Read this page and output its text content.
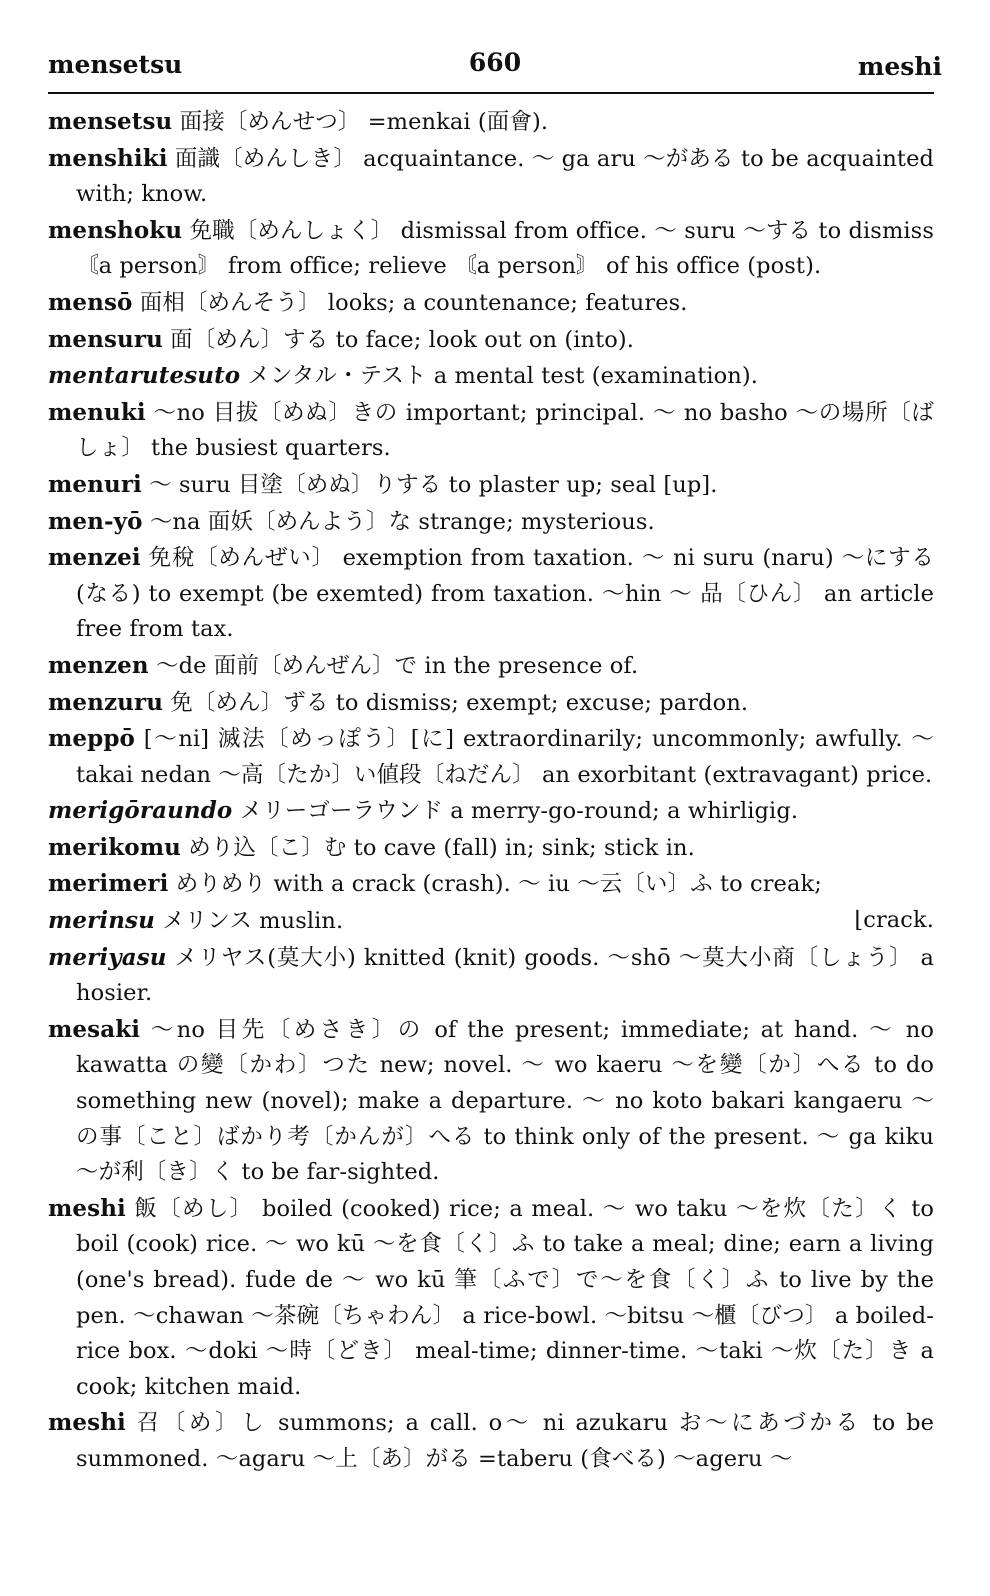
mensetsu	660	meshi
mensetsu 面接〔めんせつ〕 =menkai (面會).
menshiki 面識〔めんしき〕 acquaintance. ～ ga aru ～がある to be acquainted with; know.
menshoku 免職〔めんしょく〕 dismissal from office. ～ suru ～する to dismiss 〘a person〙 from office; relieve 〘a person〙 of his office (post).
mensō 面相〔めんそう〕 looks; a countenance; features.
mensuru 面〔めん〕する to face; look out on (into).
mentarutesuto メンタル・テスト a mental test (examination).
menuki ～no 目拔〔めぬ〕きの important; principal. ～ no basho ～の場所〔ばしょ〕 the busiest quarters.
menuri ～ suru 目塗〔めぬ〕りする to plaster up; seal [up].
men-yō ～na 面妖〔めんよう〕な strange; mysterious.
menzei 免稅〔めんぜい〕 exemption from taxation. ～ ni suru (naru) ～にする(なる) to exempt (be exemted) from taxation. ～hin ～ 品〔ひん〕 an article free from tax.
menzen ～de 面前〔めんぜん〕で in the presence of.
menzuru 免〔めん〕ずる to dismiss; exempt; excuse; pardon.
meppō [～ni] 滅法〔めっぽう〕[に] extraordinarily; uncommonly; awfully. ～ takai nedan ～高〔たか〕い値段〔ねだん〕 an exorbitant (extravagant) price.
merigōraundo メリーゴーラウンド a merry-go-round; a whirligig.
merikomu めり込〔こ〕む to cave (fall) in; sink; stick in.
merimeri めりめり with a crack (crash). ～ iu ～云〔い〕ふ to creak;
merinsu メリンス muslin.	⌊crack.
meriyasu メリヤス(莫大小) knitted (knit) goods. ～shō ～莫大小商〔しょう〕 a hosier.
mesaki ～no 目先〔めさき〕の of the present; immediate; at hand. ～ no kawatta の變〔かわ〕つた new; novel. ～ wo kaeru ～を變〔か〕へる to do something new (novel); make a departure. ～ no koto bakari kangaeru ～の事〔こと〕ばかり考〔かんが〕へる to think only of the present. ～ ga kiku ～が利〔き〕く to be far-sighted.
meshi 飯〔めし〕 boiled (cooked) rice; a meal. ～ wo taku ～を炊〔た〕く to boil (cook) rice. ～ wo kū ～を食〔く〕ふ to take a meal; dine; earn a living (one's bread). fude de ～ wo kū 筆〔ふで〕で～を食〔く〕ふ to live by the pen. ～chawan ～茶碗〔ちゃわん〕 a rice-bowl. ～bitsu ～櫃〔びつ〕 a boiled-rice box. ～doki ～時〔どき〕 meal-time; dinner-time. ～taki ～炊〔た〕き a cook; kitchen maid.
meshi 召〔め〕し summons; a call. o～ ni azukaru お～にあづかる to be summoned. ～agaru ～上〔あ〕がる =taberu (食べる) ～ageru ～
